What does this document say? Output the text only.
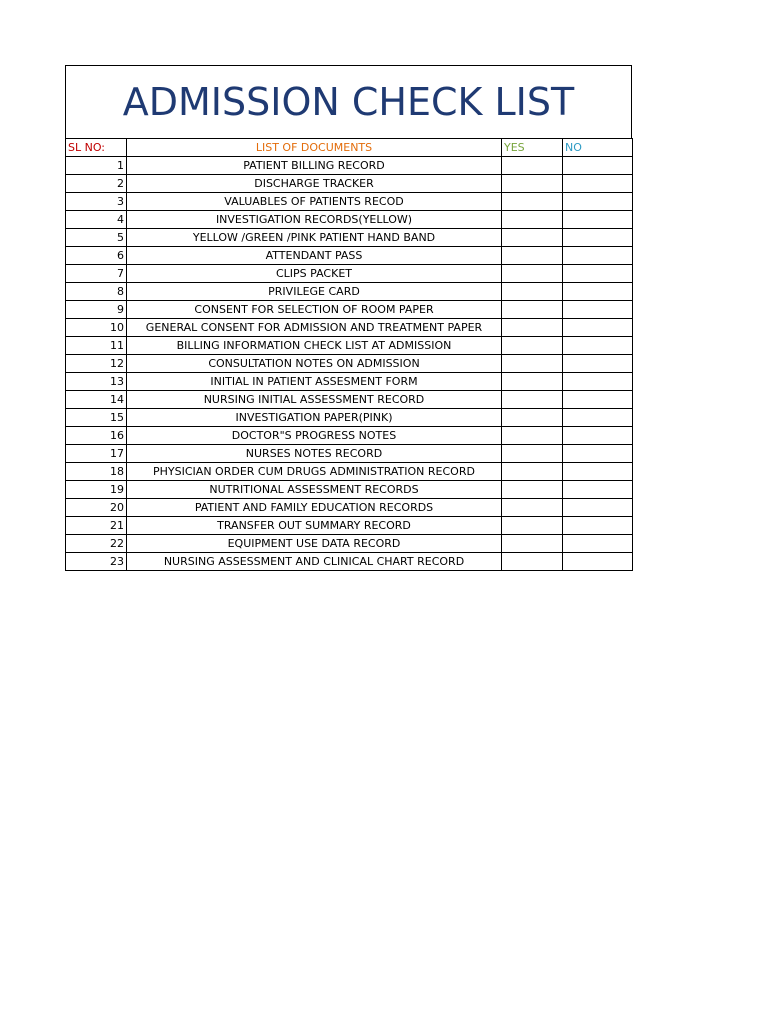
ADMISSION CHECK LIST
SL NO:	LIST OF DOCUMENTS	YES	NO
1	PATIENT BILLING RECORD		
2	DISCHARGE TRACKER		
3	VALUABLES OF PATIENTS RECOD		
4	INVESTIGATION RECORDS(YELLOW)		
5	YELLOW /GREEN /PINK PATIENT HAND BAND		
6	ATTENDANT PASS		
7	CLIPS PACKET		
8	PRIVILEGE CARD		
9	CONSENT FOR SELECTION OF ROOM PAPER		
10	GENERAL CONSENT FOR ADMISSION AND TREATMENT PAPER		
11	BILLING INFORMATION CHECK LIST AT ADMISSION		
12	CONSULTATION NOTES ON ADMISSION		
13	INITIAL IN PATIENT ASSESMENT FORM		
14	NURSING INITIAL ASSESSMENT RECORD		
15	INVESTIGATION PAPER(PINK)		
16	DOCTOR"S PROGRESS NOTES		
17	NURSES NOTES RECORD		
18	PHYSICIAN ORDER CUM DRUGS ADMINISTRATION RECORD		
19	NUTRITIONAL ASSESSMENT RECORDS		
20	PATIENT AND FAMILY EDUCATION RECORDS		
21	TRANSFER OUT SUMMARY RECORD		
22	EQUIPMENT USE DATA RECORD		
23	NURSING ASSESSMENT AND CLINICAL CHART RECORD		
